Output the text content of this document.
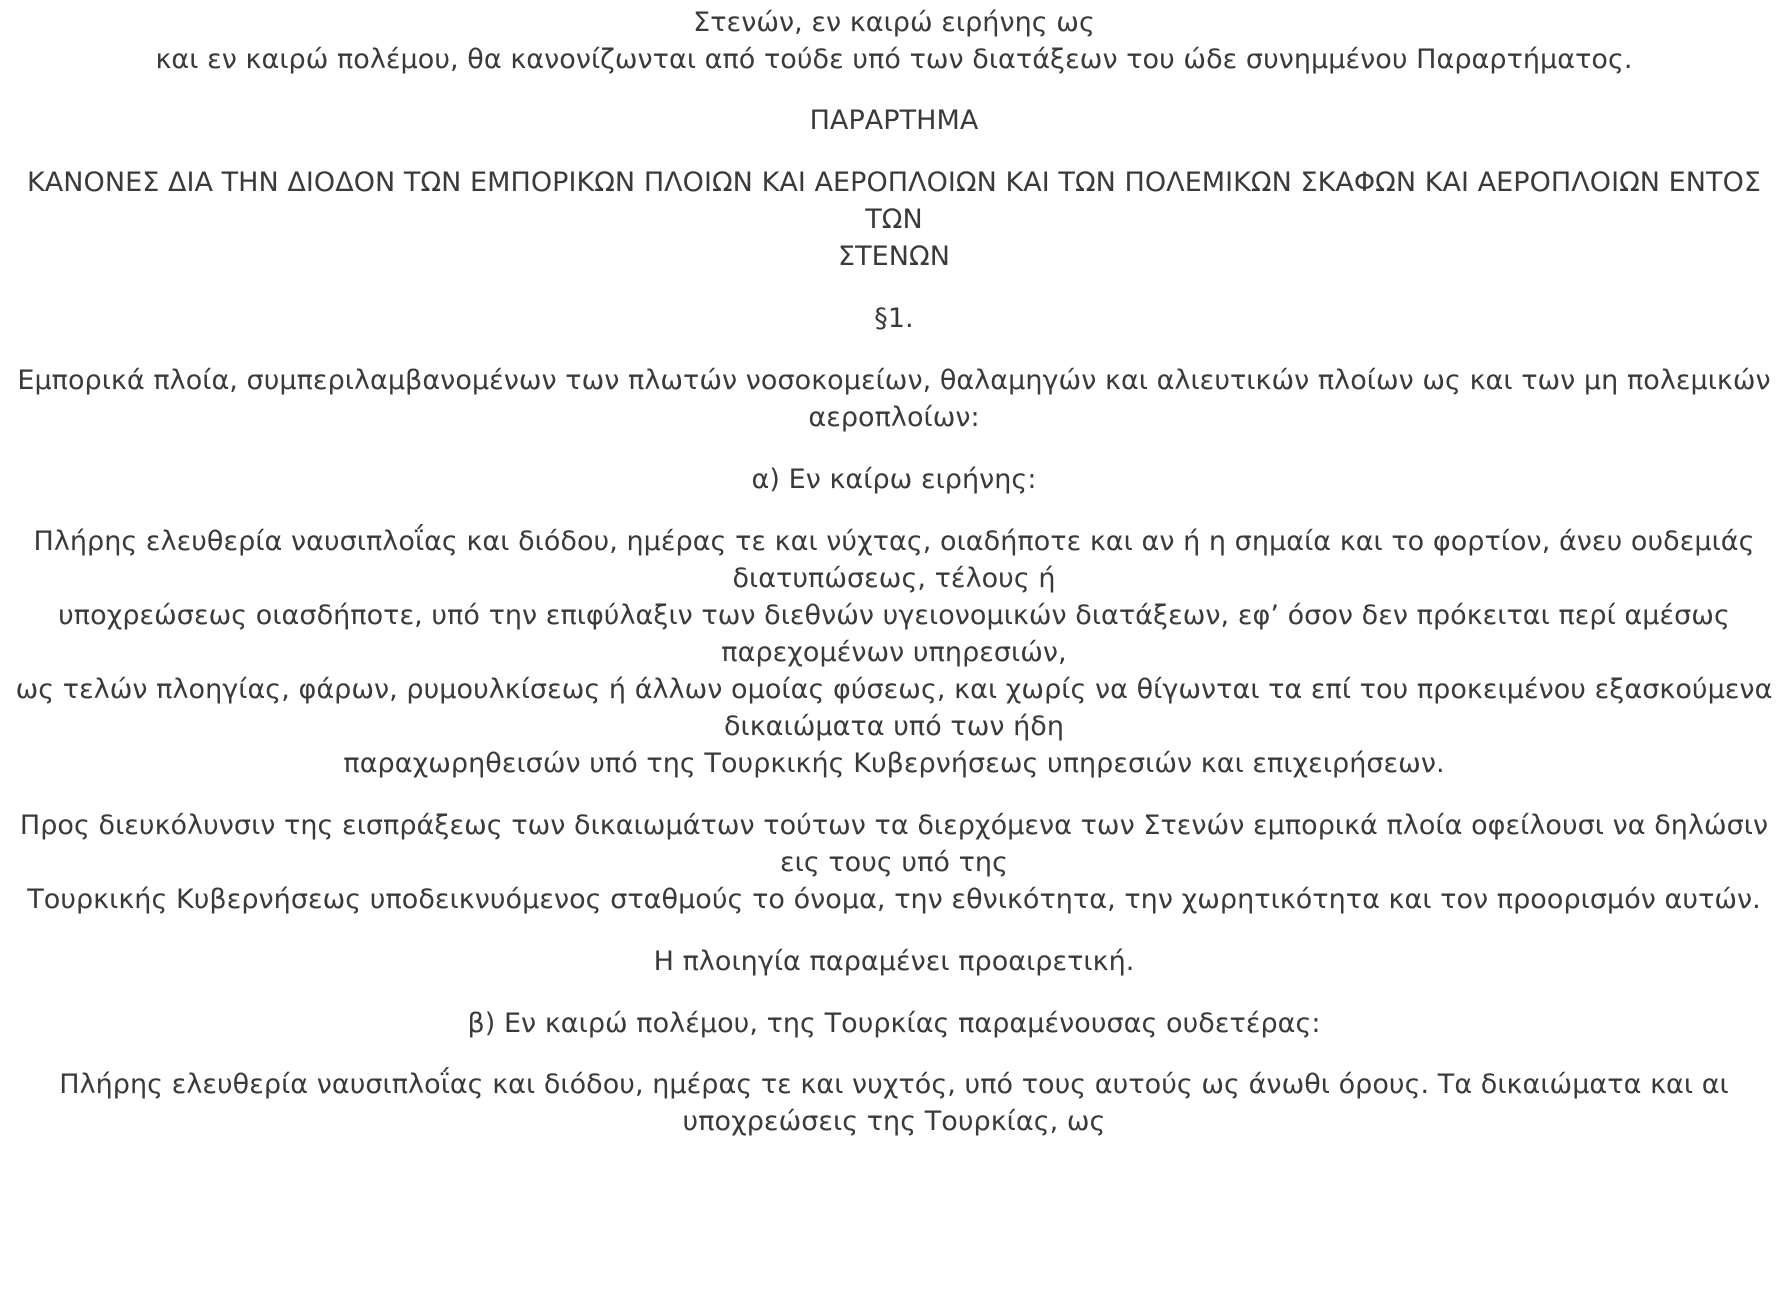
Στενών, εν καιρώ ειρήνης ως
και εν καιρώ πολέμου, θα κανονίζωνται από τούδε υπό των διατάξεων του ώδε συνημμένου Παραρτήματος.
ΠΑΡΑΡΤΗΜΑ
ΚΑΝΟΝΕΣ ΔΙΑ ΤΗΝ ΔΙΟΔΟΝ ΤΩΝ ΕΜΠΟΡΙΚΩΝ ΠΛΟΙΩΝ ΚΑΙ ΑΕΡΟΠΛΟΙΩΝ ΚΑΙ ΤΩΝ ΠΟΛΕΜΙΚΩΝ ΣΚΑΦΩΝ ΚΑΙ ΑΕΡΟΠΛΟΙΩΝ ΕΝΤΟΣ
ΤΩΝ
ΣΤΕΝΩΝ
§1.
Εμπορικά πλοία, συμπεριλαμβανομένων των πλωτών νοσοκομείων, θαλαμηγών και αλιευτικών πλοίων ως και των μη πολεμικών
αεροπλοίων:
α) Εν καίρω ειρήνης:
Πλήρης ελευθερία ναυσιπλοΐας και διόδου, ημέρας τε και νύχτας, οιαδήποτε και αν ή η σημαία και το φορτίον, άνευ ουδεμιάς
διατυπώσεως, τέλους ή
υποχρεώσεως οιασδήποτε, υπό την επιφύλαξιν των διεθνών υγειονομικών διατάξεων, εφ’ όσον δεν πρόκειται περί αμέσως
παρεχομένων υπηρεσιών,
ως τελών πλοηγίας, φάρων, ρυμουλκίσεως ή άλλων ομοίας φύσεως, και χωρίς να θίγωνται τα επί του προκειμένου εξασκούμενα
δικαιώματα υπό των ήδη
παραχωρηθεισών υπό της Τουρκικής Κυβερνήσεως υπηρεσιών και επιχειρήσεων.
Προς διευκόλυνσιν της εισπράξεως των δικαιωμάτων τούτων τα διερχόμενα των Στενών εμπορικά πλοία οφείλουσι να δηλώσιν
εις τους υπό της
Τουρκικής Κυβερνήσεως υποδεικνυόμενος σταθμούς το όνομα, την εθνικότητα, την χωρητικότητα και τον προορισμόν αυτών.
Η πλοιηγία παραμένει προαιρετική.
β) Εν καιρώ πολέμου, της Τουρκίας παραμένουσας ουδετέρας:
Πλήρης ελευθερία ναυσιπλοΐας και διόδου, ημέρας τε και νυχτός, υπό τους αυτούς ως άνωθι όρους. Τα δικαιώματα και αι
υποχρεώσεις της Τουρκίας, ως
